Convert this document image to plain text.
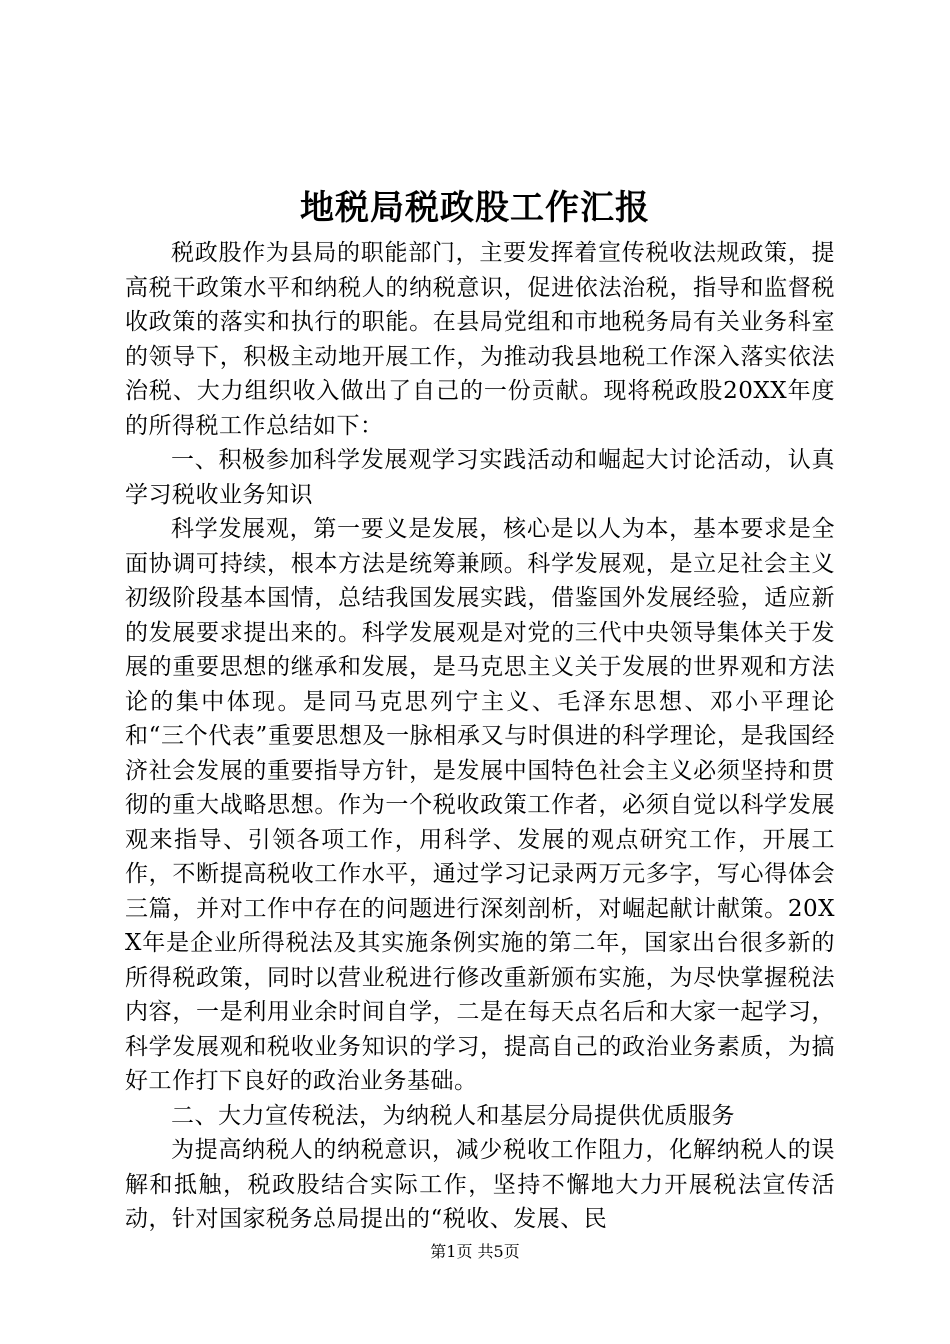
地税局税政股工作汇报

税政股作为县局的职能部门，主要发挥着宣传税收法规政策，提高税干政策水平和纳税人的纳税意识，促进依法治税，指导和监督税收政策的落实和执行的职能。在县局党组和市地税务局有关业务科室的领导下，积极主动地开展工作，为推动我县地税工作深入落实依法治税、大力组织收入做出了自己的一份贡献。现将税政股20XX年度的所得税工作总结如下：

一、积极参加科学发展观学习实践活动和崛起大讨论活动，认真学习税收业务知识

科学发展观，第一要义是发展，核心是以人为本，基本要求是全面协调可持续，根本方法是统筹兼顾。科学发展观，是立足社会主义初级阶段基本国情，总结我国发展实践，借鉴国外发展经验，适应新的发展要求提出来的。科学发展观是对党的三代中央领导集体关于发展的重要思想的继承和发展，是马克思主义关于发展的世界观和方法论的集中体现。是同马克思列宁主义、毛泽东思想、邓小平理论和“三个代表”重要思想及一脉相承又与时俱进的科学理论，是我国经济社会发展的重要指导方针，是发展中国特色社会主义必须坚持和贯彻的重大战略思想。作为一个税收政策工作者，必须自觉以科学发展观来指导、引领各项工作，用科学、发展的观点研究工作，开展工作，不断提高税收工作水平，通过学习记录两万元多字，写心得体会三篇，并对工作中存在的问题进行深刻剖析，对崛起献计献策。20XX年是企业所得税法及其实施条例实施的第二年，国家出台很多新的所得税政策，同时以营业税进行修改重新颁布实施，为尽快掌握税法内容，一是利用业余时间自学，二是在每天点名后和大家一起学习，科学发展观和税收业务知识的学习，提高自己的政治业务素质，为搞好工作打下良好的政治业务基础。

二、大力宣传税法，为纳税人和基层分局提供优质服务

为提高纳税人的纳税意识，减少税收工作阻力，化解纳税人的误解和抵触，税政股结合实际工作，坚持不懈地大力开展税法宣传活动，针对国家税务总局提出的“税收、发展、民

第1页 共5页
